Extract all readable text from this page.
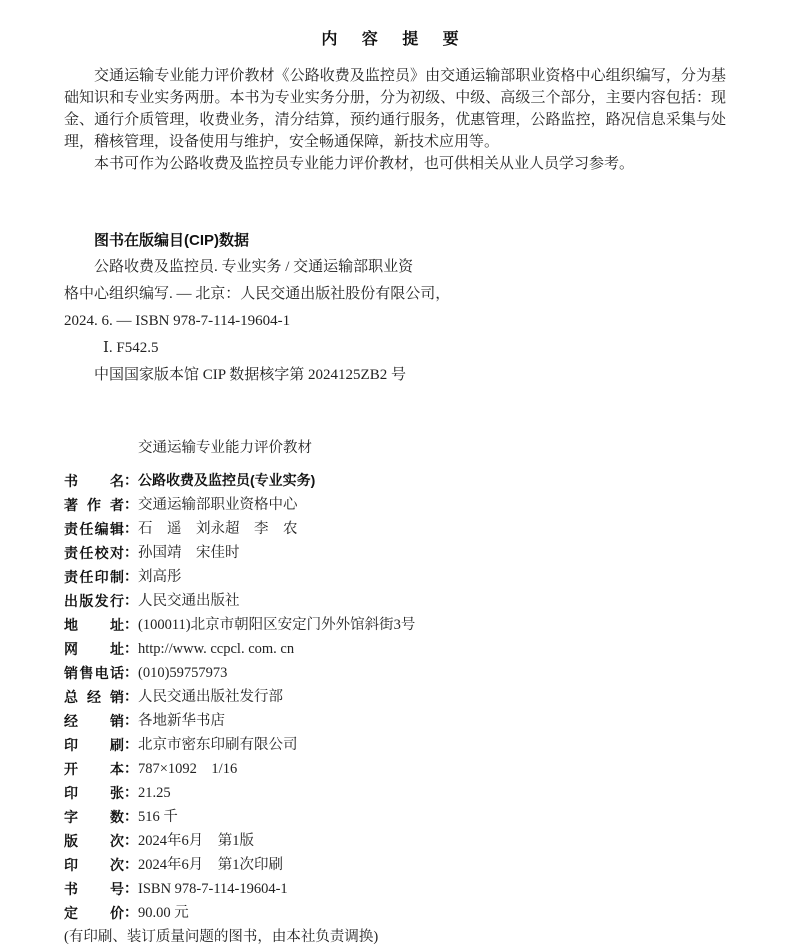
内 容 提 要

交通运输专业能力评价教材《公路收费及监控员》由交通运输部职业资格中心组织编写，分为基础知识和专业实务两册。本书为专业实务分册，分为初级、中级、高级三个部分，主要内容包括：现金、通行介质管理，收费业务，清分结算，预约通行服务，优惠管理，公路监控，路况信息采集与处理，稽核管理，设备使用与维护，安全畅通保障，新技术应用等。

本书可作为公路收费及监控员专业能力评价教材，也可供相关从业人员学习参考。

图书在版编目(CIP)数据
公路收费及监控员. 专业实务 / 交通运输部职业资
格中心组织编写. — 北京：人民交通出版社股份有限公司，
2024. 6. — ISBN 978-7-114-19604-1
Ⅰ. F542.5
中国国家版本馆 CIP 数据核字第 2024125ZB2 号
交通运输专业能力评价教材
书名：公路收费及监控员(专业实务)
著作者：交通运输部职业资格中心
责任编辑：石　遥　刘永超　李　农
责任校对：孙国靖　宋佳时
责任印制：刘高彤
出版发行：人民交通出版社
地址：(100011)北京市朝阳区安定门外外馆斜街3号
网址：http://www. ccpcl. com. cn
销售电话：(010)59757973
总经销：人民交通出版社发行部
经销：各地新华书店
印刷：北京市密东印刷有限公司
开本：787×1092　1/16
印张：21.25
字数：516 千
版次：2024年6月　第1版
印次：2024年6月　第1次印刷
书号：ISBN 978-7-114-19604-1
定价：90.00 元
(有印刷、装订质量问题的图书，由本社负责调换)
